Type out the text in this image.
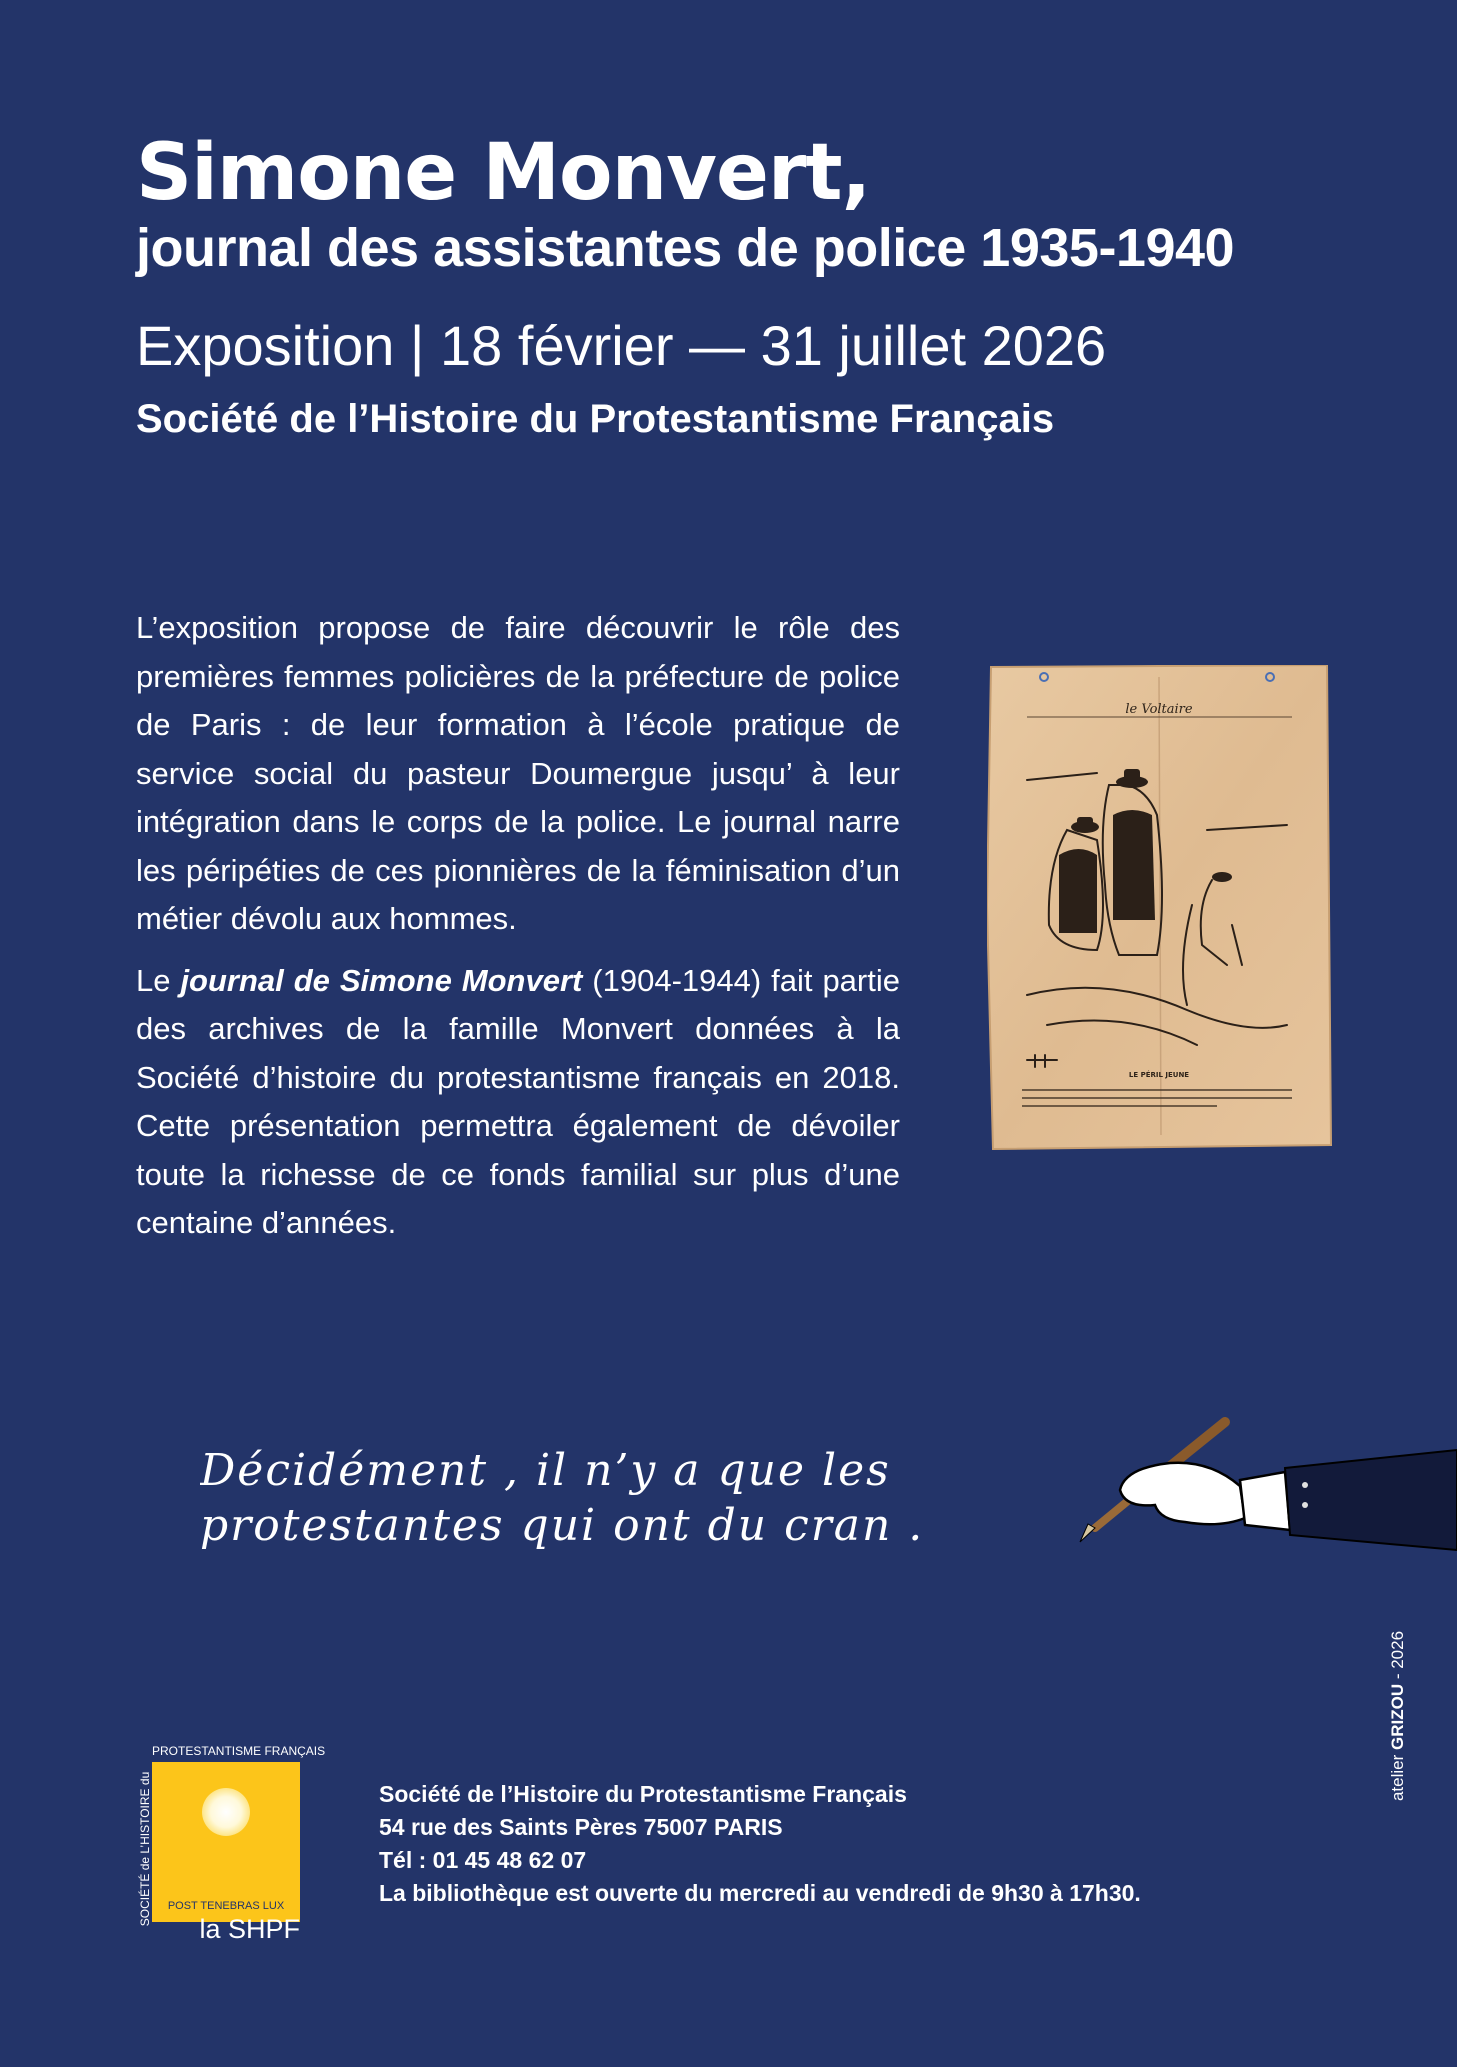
Simone Monvert,
journal des assistantes de police 1935-1940
Exposition | 18 février — 31 juillet 2026
Société de l’Histoire du Protestantisme Français

L’exposition propose de faire découvrir le rôle des premières femmes policières de la préfecture de police de Paris : de leur formation à l’école pratique de service social du pasteur Doumergue jusqu’ à leur intégration dans le corps de la police. Le journal narre les péripéties de ces pionnières de la féminisation d’un métier dévolu aux hommes.

Le journal de Simone Monvert (1904-1944) fait partie des archives de la famille Monvert données à la Société d’histoire du protestantisme français en 2018. Cette présentation permettra également de dévoiler toute la richesse de ce fonds familial sur plus d’une centaine d’années.

le Voltaire
LE PÉRIL JEUNE
Décidément , il n’y a que les
protestantes qui ont du cran .
PROTESTANTISME FRANÇAIS
SOCIÉTÉ de L’HISTOIRE du	POST TENEBRAS LUX
la SHPF
Société de l’Histoire du Protestantisme Français
54 rue des Saints Pères 75007 PARIS
Tél : 01 45 48 62 07
La bibliothèque est ouverte du mercredi au vendredi de 9h30 à 17h30.
atelier GRIZOU - 2026
